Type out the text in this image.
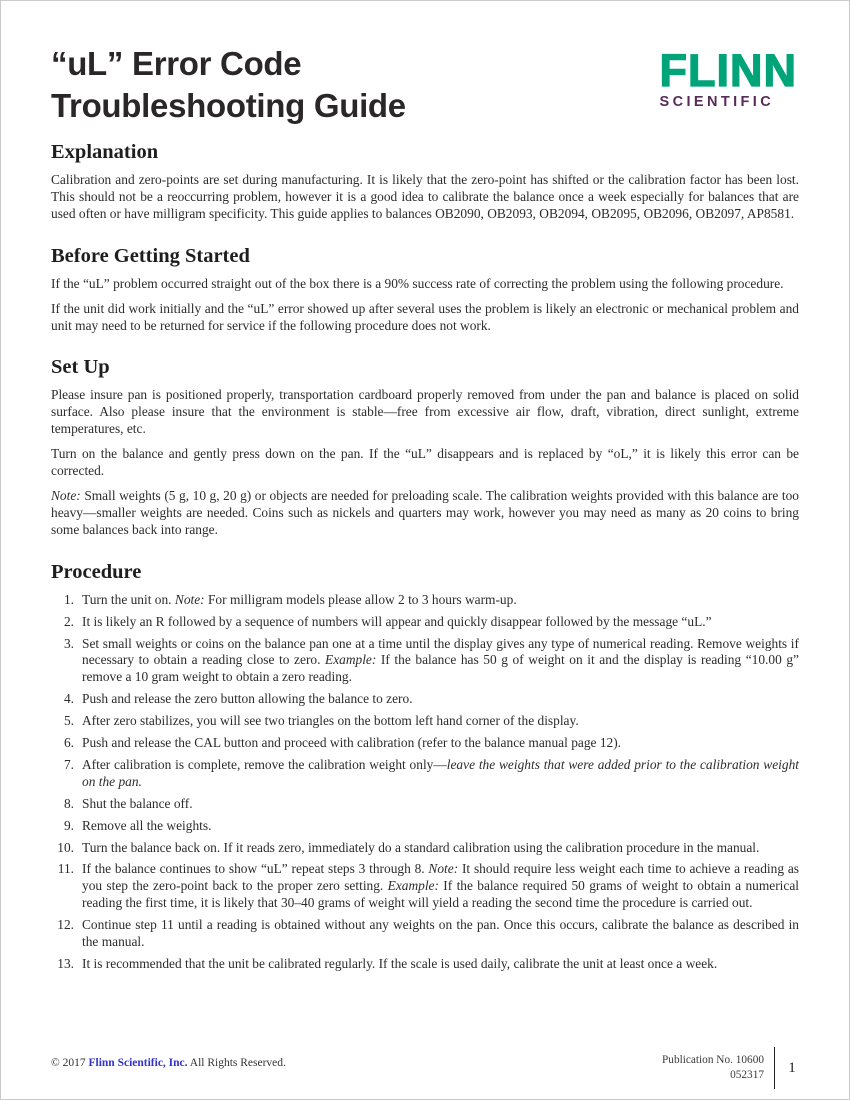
“uL” Error Code
Troubleshooting Guide
FLINN
SCIENTIFIC
Explanation

Calibration and zero-points are set during manufacturing. It is likely that the zero-point has shifted or the calibration factor has been lost. This should not be a reoccurring problem, however it is a good idea to calibrate the balance once a week especially for balances that are used often or have milligram specificity. This guide applies to balances OB2090, OB2093, OB2094, OB2095, OB2096, OB2097, AP8581.

Before Getting Started

If the “uL” problem occurred straight out of the box there is a 90% success rate of correcting the problem using the following procedure.

If the unit did work initially and the “uL” error showed up after several uses the problem is likely an electronic or mechanical problem and unit may need to be returned for service if the following procedure does not work.

Set Up

Please insure pan is positioned properly, transportation cardboard properly removed from under the pan and balance is placed on solid surface. Also please insure that the environment is stable—free from excessive air flow, draft, vibration, direct sunlight, extreme temperatures, etc.

Turn on the balance and gently press down on the pan. If the “uL” disappears and is replaced by “oL,” it is likely this error can be corrected.

Note: Small weights (5 g, 10 g, 20 g) or objects are needed for preloading scale. The calibration weights provided with this balance are too heavy—smaller weights are needed. Coins such as nickels and quarters may work, however you may need as many as 20 coins to bring some balances back into range.

Procedure
1. Turn the unit on. Note: For milligram models please allow 2 to 3 hours warm-up.
2. It is likely an R followed by a sequence of numbers will appear and quickly disappear followed by the message “uL.”
3. Set small weights or coins on the balance pan one at a time until the display gives any type of numerical reading. Remove weights if necessary to obtain a reading close to zero. Example: If the balance has 50 g of weight on it and the display is reading “10.00 g” remove a 10 gram weight to obtain a zero reading.
4. Push and release the zero button allowing the balance to zero.
5. After zero stabilizes, you will see two triangles on the bottom left hand corner of the display.
6. Push and release the CAL button and proceed with calibration (refer to the balance manual page 12).
7. After calibration is complete, remove the calibration weight only—leave the weights that were added prior to the calibration weight on the pan.
8. Shut the balance off.
9. Remove all the weights.
10. Turn the balance back on. If it reads zero, immediately do a standard calibration using the calibration procedure in the manual.
11. If the balance continues to show “uL” repeat steps 3 through 8. Note: It should require less weight each time to achieve a reading as you step the zero-point back to the proper zero setting. Example: If the balance required 50 grams of weight to obtain a numerical reading the first time, it is likely that 30–40 grams of weight will yield a reading the second time the procedure is carried out.
12. Continue step 11 until a reading is obtained without any weights on the pan. Once this occurs, calibrate the balance as described in the manual.
13. It is recommended that the unit be calibrated regularly. If the scale is used daily, calibrate the unit at least once a week.
© 2017 Flinn Scientific, Inc. All Rights Reserved.	Publication No. 10600
052317	1
